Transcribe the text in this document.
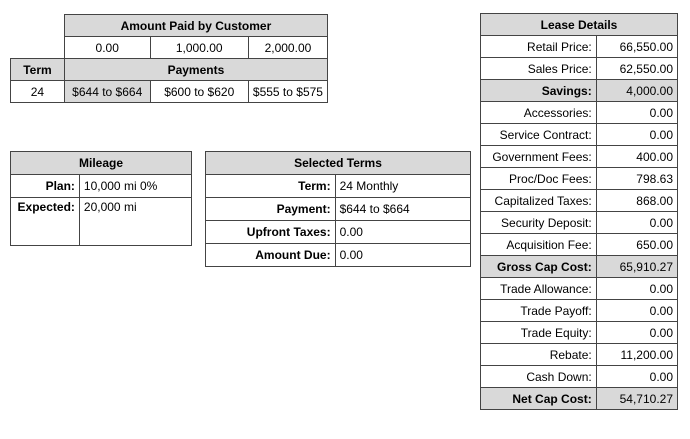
	Amount Paid by Customer		
	0.00	1,000.00	2,000.00
Term	Payments		
24	$644 to $664	$600 to $620	$555 to $575
Mileage	
Plan:	10,000 mi 0%
Expected:	20,000 mi
Selected Terms	
Term:	24 Monthly
Payment:	$644 to $664
Upfront Taxes:	0.00
Amount Due:	0.00
Lease Details	
Retail Price:	66,550.00
Sales Price:	62,550.00
Savings:	4,000.00
Accessories:	0.00
Service Contract:	0.00
Government Fees:	400.00
Proc/Doc Fees:	798.63
Capitalized Taxes:	868.00
Security Deposit:	0.00
Acquisition Fee:	650.00
Gross Cap Cost:	65,910.27
Trade Allowance:	0.00
Trade Payoff:	0.00
Trade Equity:	0.00
Rebate:	11,200.00
Cash Down:	0.00
Net Cap Cost:	54,710.27
